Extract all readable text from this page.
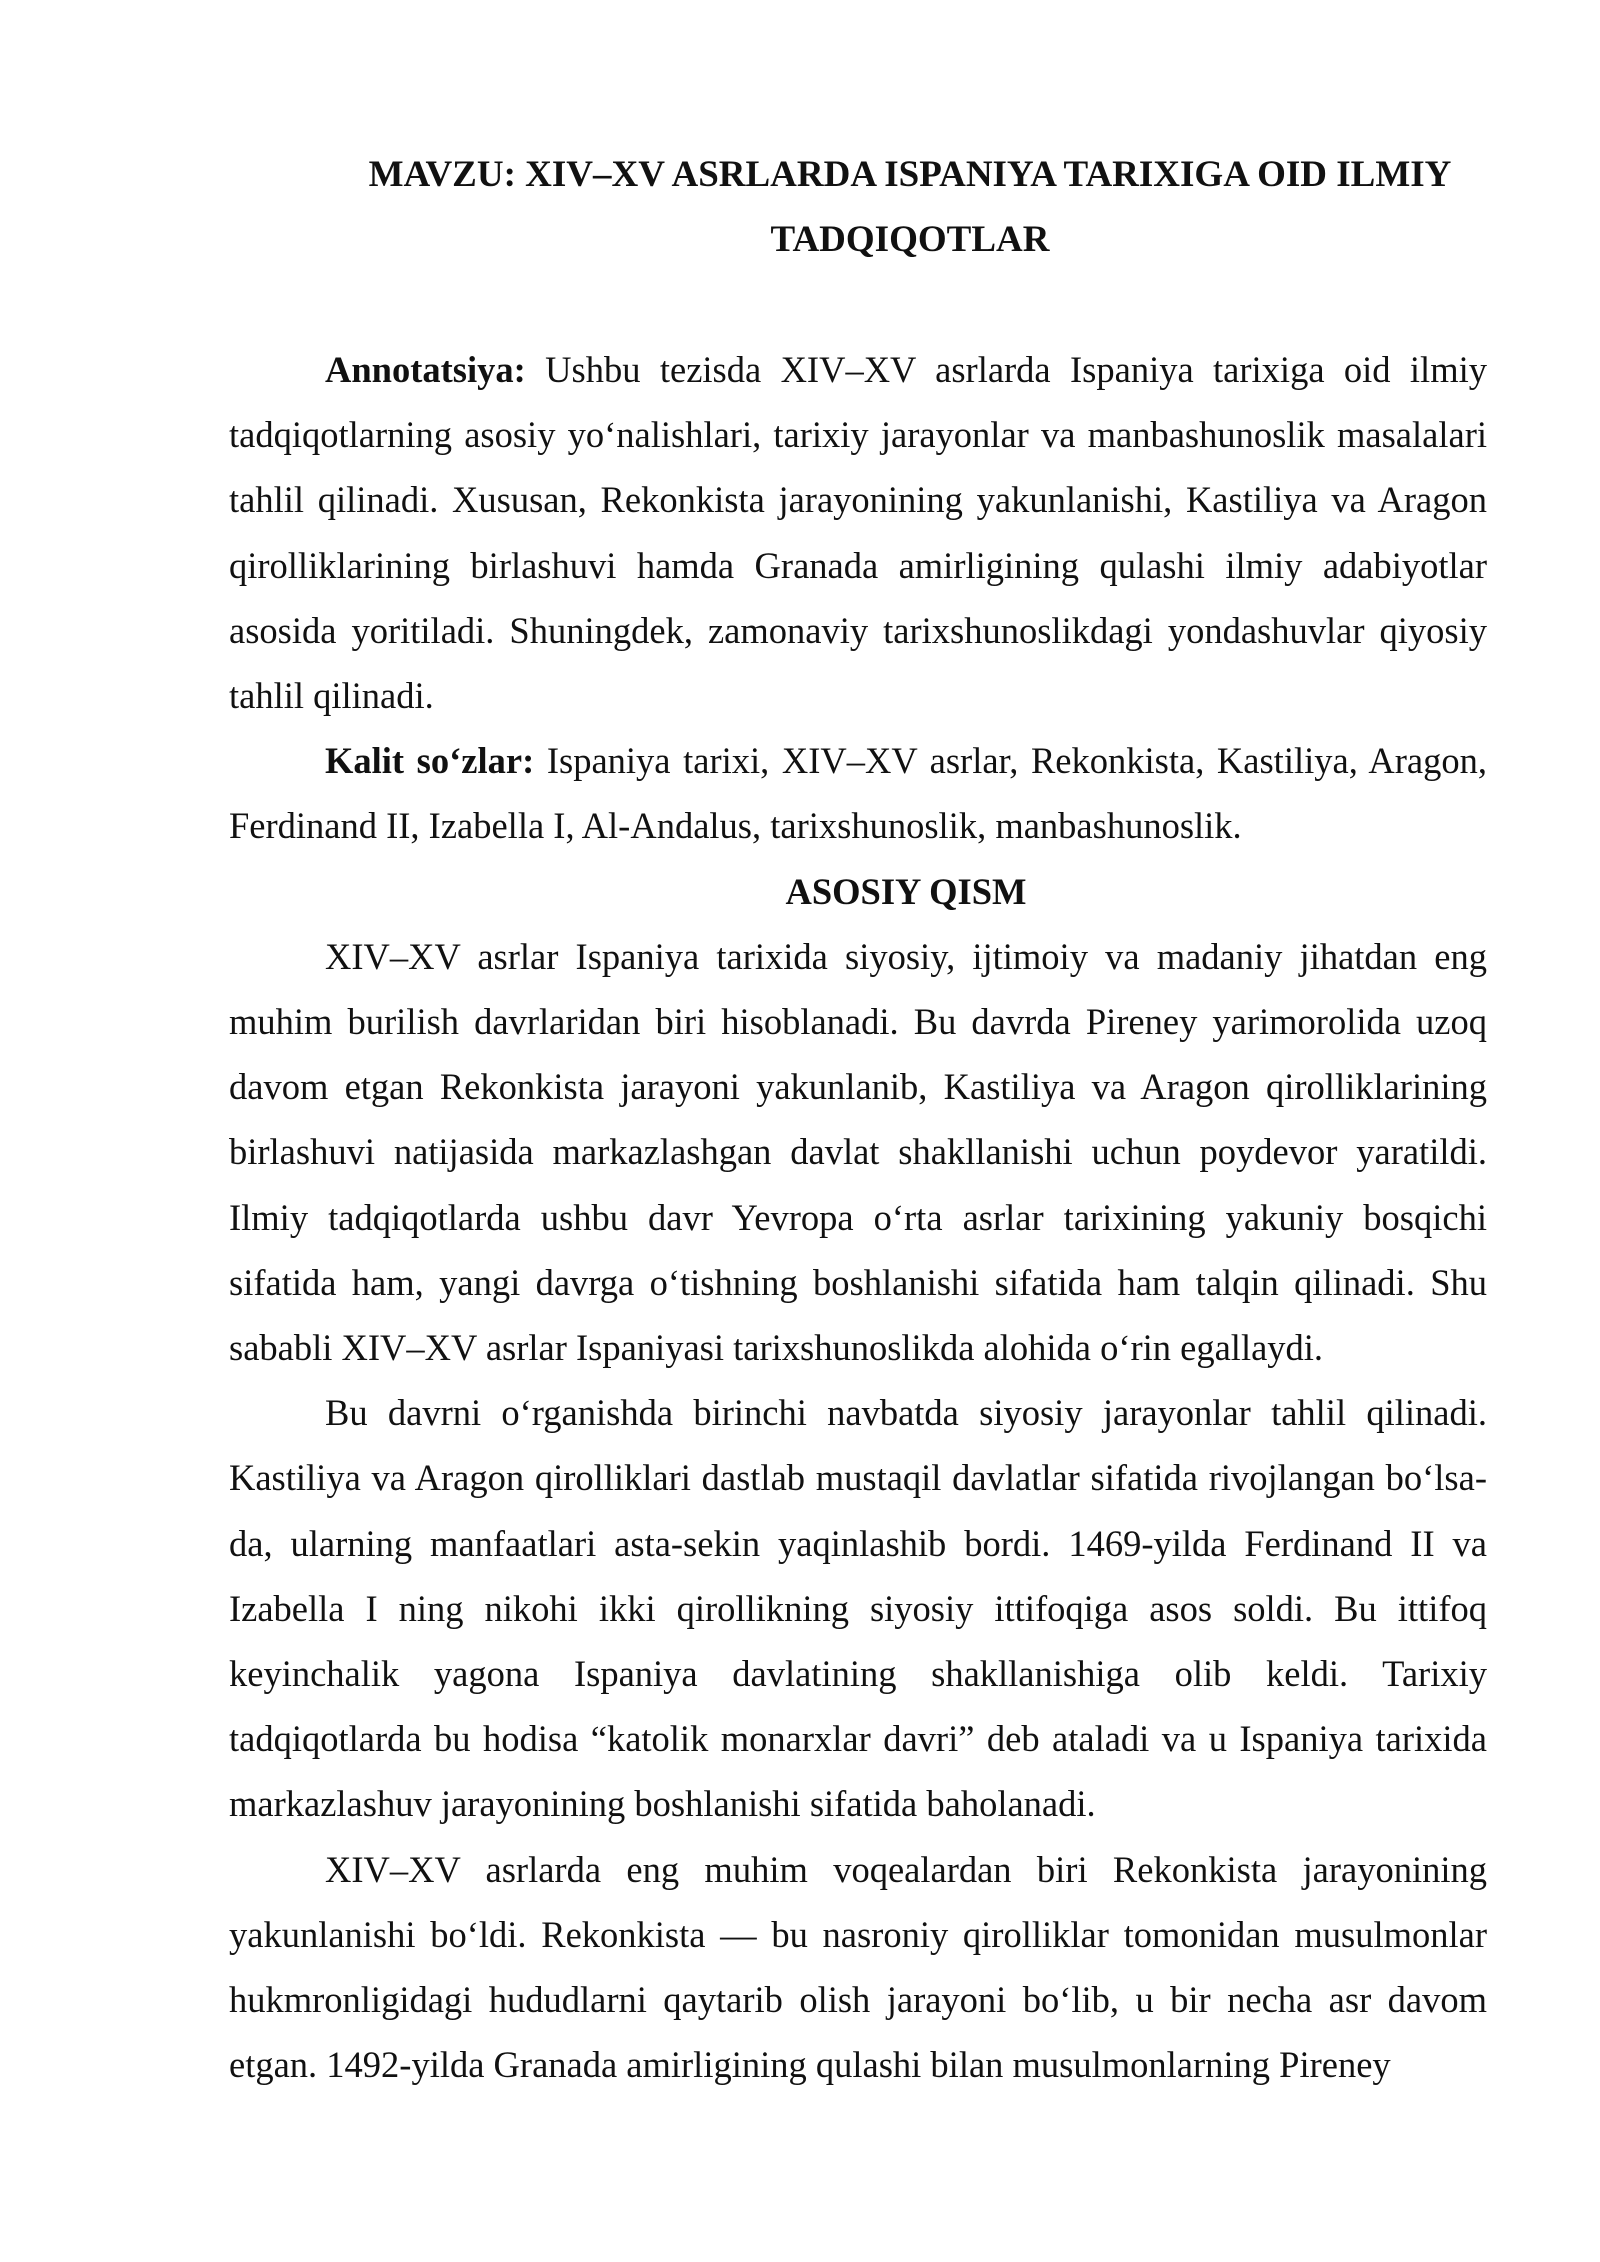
MAVZU: XIV–XV ASRLARDA ISPANIYA TARIXIGA OID ILMIY
TADQIQOTLAR

Annotatsiya: Ushbu tezisda XIV–XV asrlarda Ispaniya tarixiga oid ilmiy tadqiqotlarning asosiy yo‘nalishlari, tarixiy jarayonlar va manbashunoslik masalalari tahlil qilinadi. Xususan, Rekonkista jarayonining yakunlanishi, Kastiliya va Aragon qirolliklarining birlashuvi hamda Granada amirligining qulashi ilmiy adabiyotlar asosida yoritiladi. Shuningdek, zamonaviy tarixshunoslikdagi yondashuvlar qiyosiy tahlil qilinadi.

Kalit so‘zlar: Ispaniya tarixi, XIV–XV asrlar, Rekonkista, Kastiliya, Aragon, Ferdinand II, Izabella I, Al-Andalus, tarixshunoslik, manbashunoslik.

ASOSIY QISM

XIV–XV asrlar Ispaniya tarixida siyosiy, ijtimoiy va madaniy jihatdan eng muhim burilish davrlaridan biri hisoblanadi. Bu davrda Pireney yarimorolida uzoq davom etgan Rekonkista jarayoni yakunlanib, Kastiliya va Aragon qirolliklarining birlashuvi natijasida markazlashgan davlat shakllanishi uchun poydevor yaratildi. Ilmiy tadqiqotlarda ushbu davr Yevropa o‘rta asrlar tarixining yakuniy bosqichi sifatida ham, yangi davrga o‘tishning boshlanishi sifatida ham talqin qilinadi. Shu sababli XIV–XV asrlar Ispaniyasi tarixshunoslikda alohida o‘rin egallaydi.

Bu davrni o‘rganishda birinchi navbatda siyosiy jarayonlar tahlil qilinadi. Kastiliya va Aragon qirolliklari dastlab mustaqil davlatlar sifatida rivojlangan bo‘lsa-da, ularning manfaatlari asta-sekin yaqinlashib bordi. 1469-yilda Ferdinand II va Izabella I ning nikohi ikki qirollikning siyosiy ittifoqiga asos soldi. Bu ittifoq keyinchalik yagona Ispaniya davlatining shakllanishiga olib keldi. Tarixiy tadqiqotlarda bu hodisa “katolik monarxlar davri” deb ataladi va u Ispaniya tarixida markazlashuv jarayonining boshlanishi sifatida baholanadi.

XIV–XV asrlarda eng muhim voqealardan biri Rekonkista jarayonining yakunlanishi bo‘ldi. Rekonkista — bu nasroniy qirolliklar tomonidan musulmonlar hukmronligidagi hududlarni qaytarib olish jarayoni bo‘lib, u bir necha asr davom etgan. 1492-yilda Granada amirligining qulashi bilan musulmonlarning Pireney
